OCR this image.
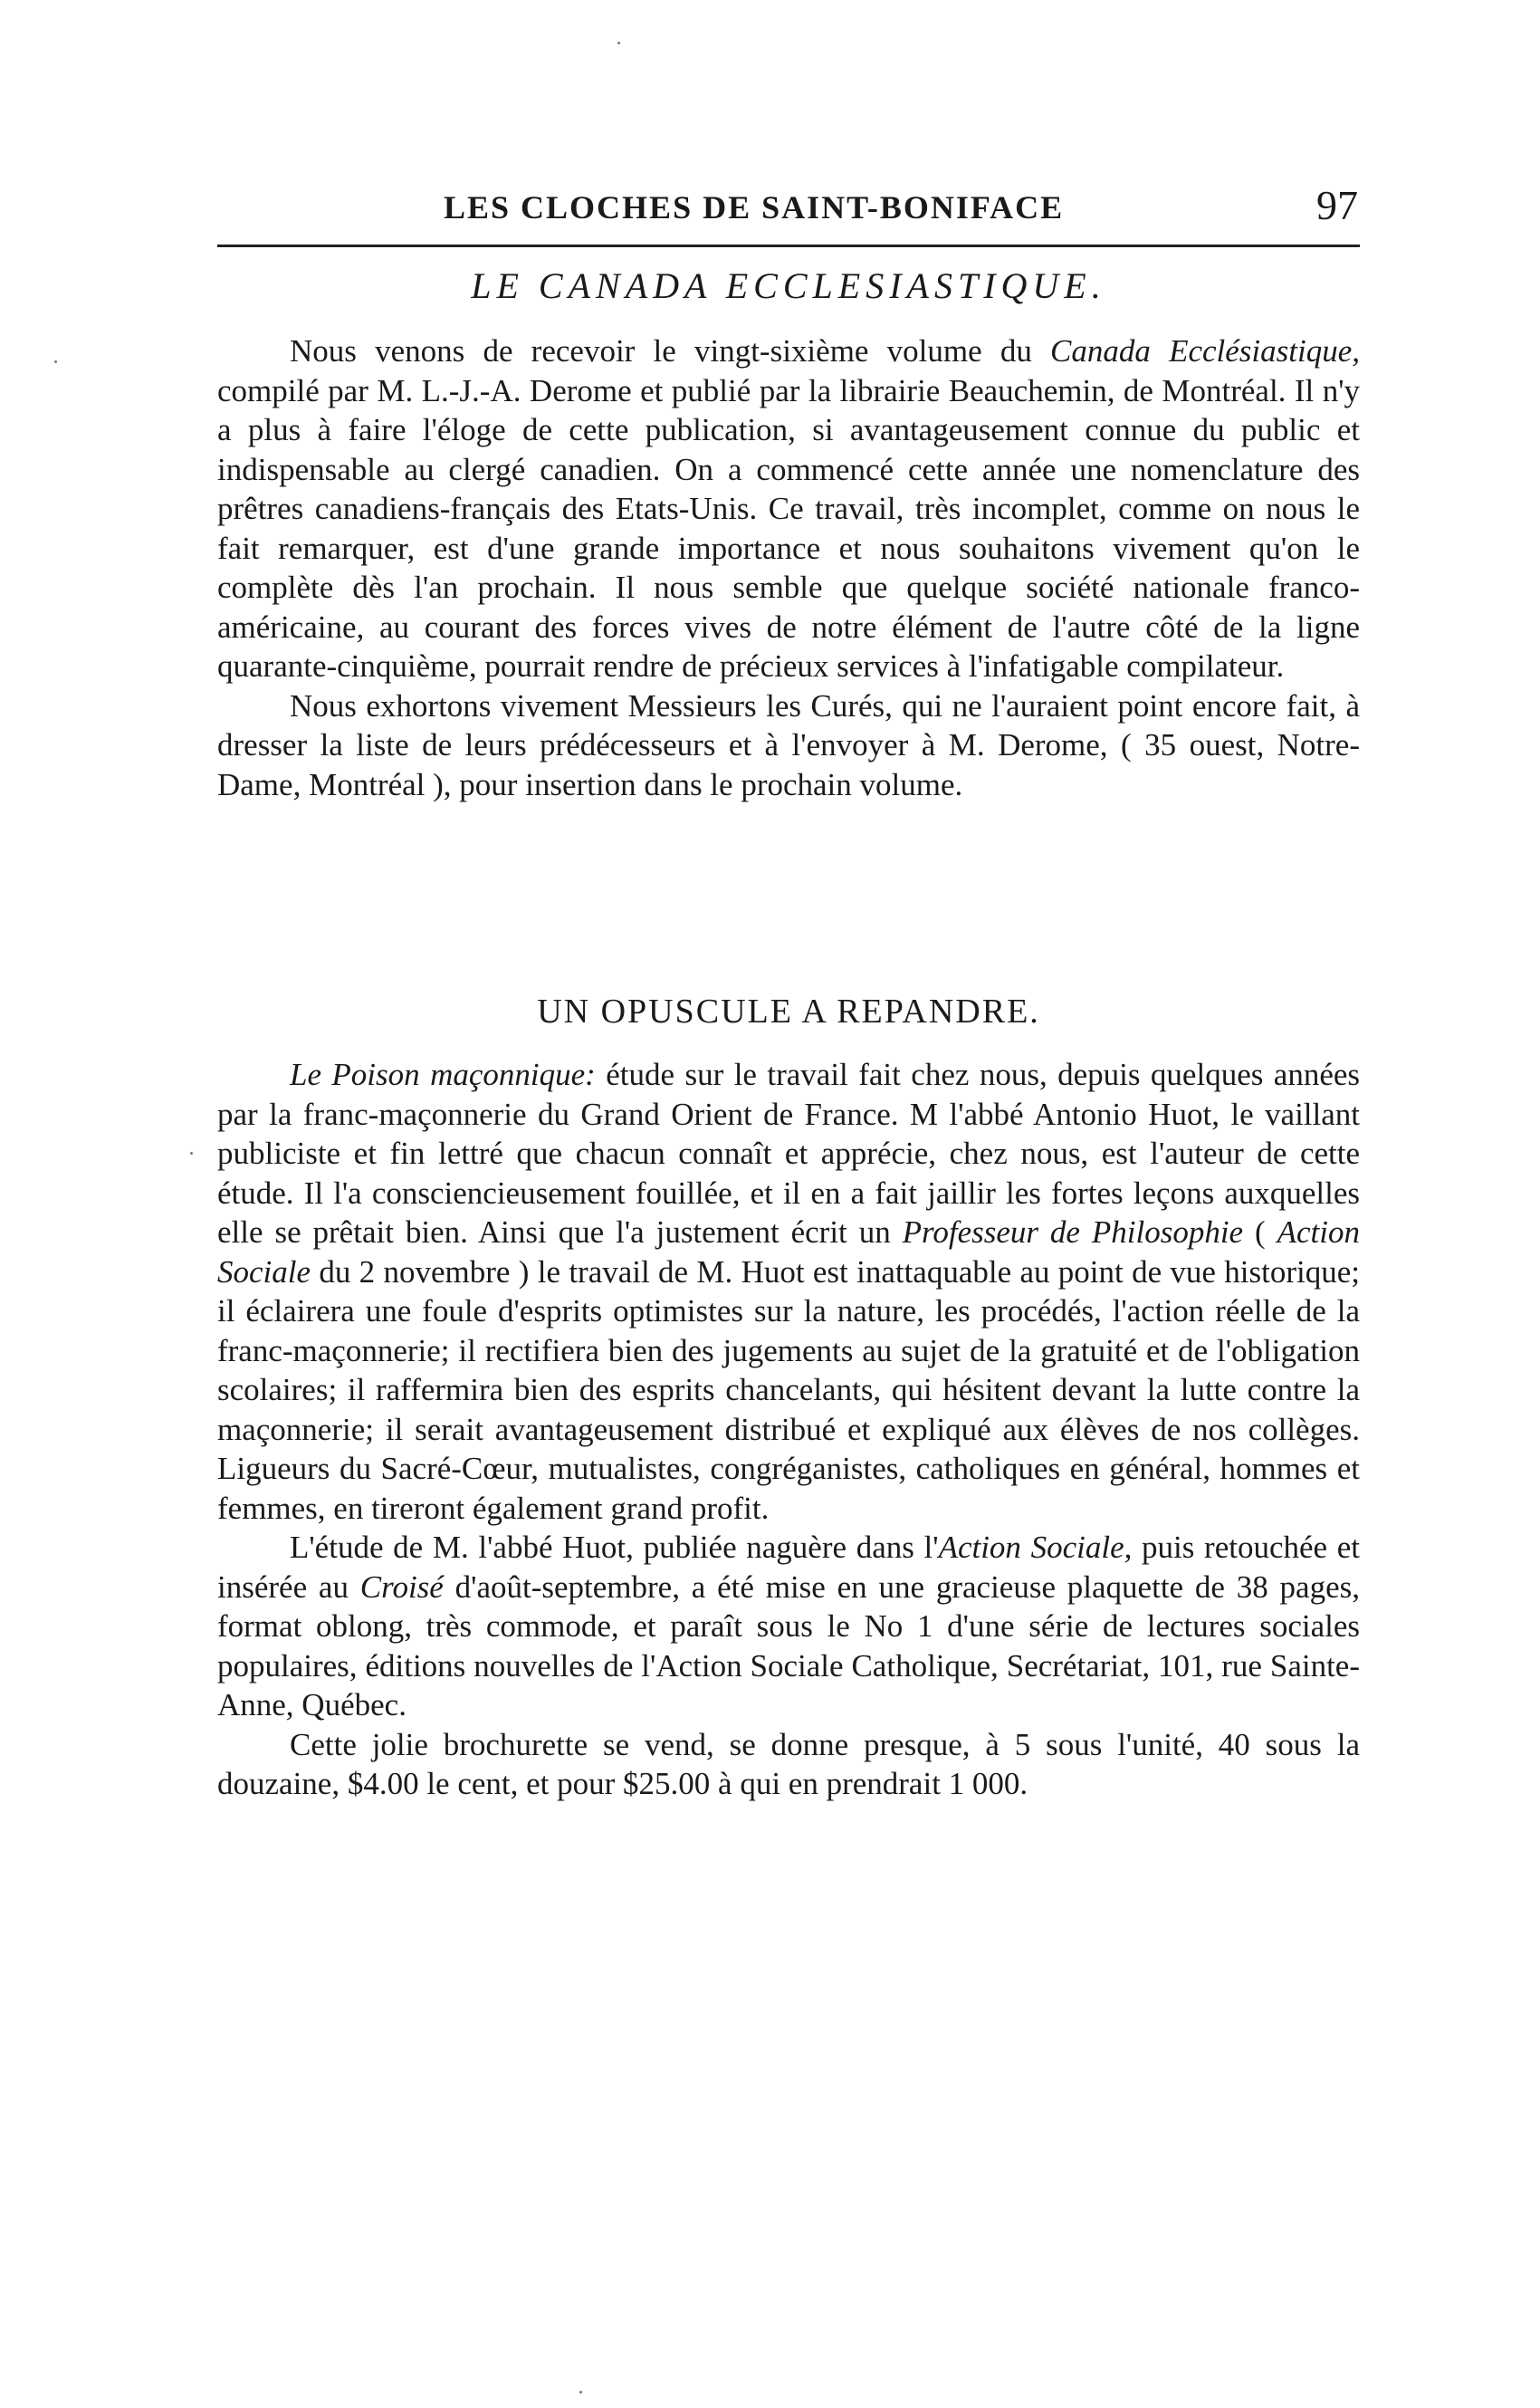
LES CLOCHES DE SAINT-BONIFACE	97
LE CANADA ECCLESIASTIQUE.

Nous venons de recevoir le vingt-sixième volume du Canada Ecclésiastique, compilé par M. L.-J.-A. Derome et publié par la librairie Beauchemin, de Montréal. Il n'y a plus à faire l'éloge de cette publication, si avantageusement connue du public et indispensable au clergé canadien. On a commencé cette année une nomenclature des prêtres canadiens-français des Etats-Unis. Ce travail, très incomplet, comme on nous le fait remarquer, est d'une grande importance et nous souhaitons vivement qu'on le complète dès l'an prochain. Il nous semble que quelque société nationale franco-américaine, au courant des forces vives de notre élément de l'autre côté de la ligne quarante-cinquième, pourrait rendre de précieux services à l'infatigable compilateur.

Nous exhortons vivement Messieurs les Curés, qui ne l'auraient point encore fait, à dresser la liste de leurs prédécesseurs et à l'envoyer à M. Derome, ( 35 ouest, Notre-Dame, Montréal ), pour insertion dans le prochain volume.

UN OPUSCULE A REPANDRE.

Le Poison maçonnique: étude sur le travail fait chez nous, depuis quelques années par la franc-maçonnerie du Grand Orient de France. M l'abbé Antonio Huot, le vaillant publiciste et fin lettré que chacun connaît et apprécie, chez nous, est l'auteur de cette étude. Il l'a consciencieusement fouillée, et il en a fait jaillir les fortes leçons auxquelles elle se prêtait bien. Ainsi que l'a justement écrit un Professeur de Philosophie ( Action Sociale du 2 novembre ) le travail de M. Huot est inattaquable au point de vue historique; il éclairera une foule d'esprits optimistes sur la nature, les procédés, l'action réelle de la franc-maçonnerie; il rectifiera bien des jugements au sujet de la gratuité et de l'obligation scolaires; il raffermira bien des esprits chancelants, qui hésitent devant la lutte contre la maçonnerie; il serait avantageusement distribué et expliqué aux élèves de nos collèges. Ligueurs du Sacré-Cœur, mutualistes, congréganistes, catholiques en général, hommes et femmes, en tireront également grand profit.

L'étude de M. l'abbé Huot, publiée naguère dans l'Action Sociale, puis retouchée et insérée au Croisé d'août-septembre, a été mise en une gracieuse plaquette de 38 pages, format oblong, très commode, et paraît sous le No 1 d'une série de lectures sociales populaires, éditions nouvelles de l'Action Sociale Catholique, Secrétariat, 101, rue Sainte-Anne, Québec.

Cette jolie brochurette se vend, se donne presque, à 5 sous l'unité, 40 sous la douzaine, $4.00 le cent, et pour $25.00 à qui en prendrait 1 000.
